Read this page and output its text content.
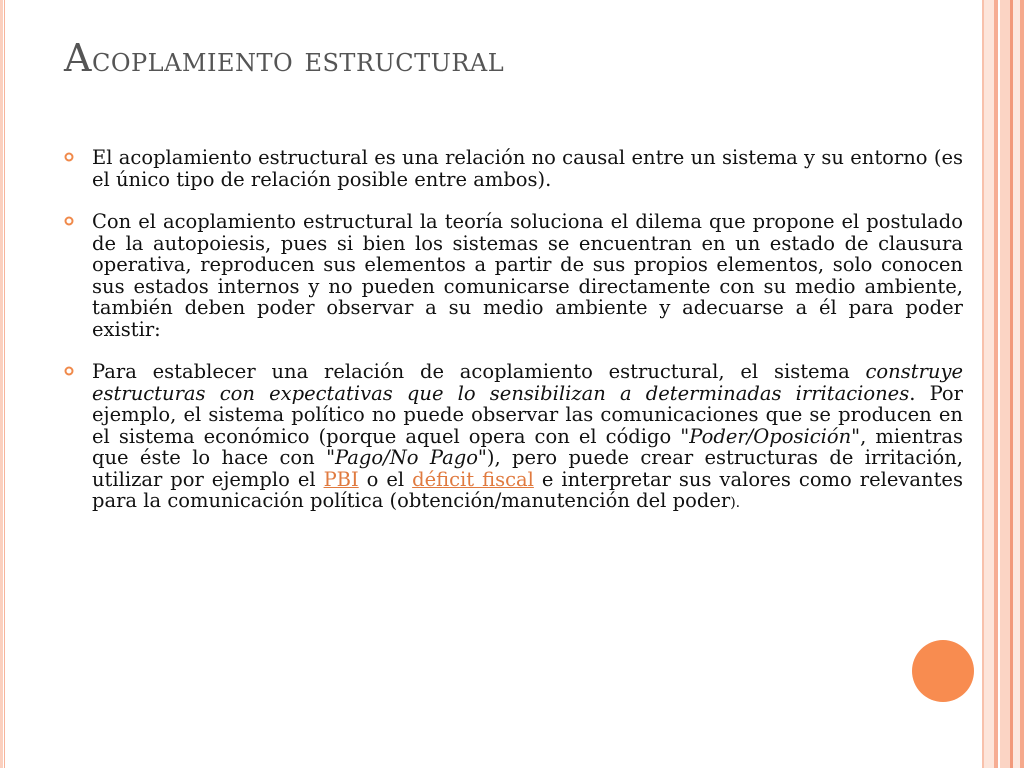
Acoplamiento estructural

El acoplamiento estructural es una relación no causal entre un sistema y su entorno (es el único tipo de relación posible entre ambos).

Con el acoplamiento estructural la teoría soluciona el dilema que propone el postulado de la autopoiesis, pues si bien los sistemas se encuentran en un estado de clausura operativa, reproducen sus elementos a partir de sus propios elementos, solo conocen sus estados internos y no pueden comunicarse directamente con su medio ambiente, también deben poder observar a su medio ambiente y adecuarse a él para poder existir:

Para establecer una relación de acoplamiento estructural, el sistema construye estructuras con expectativas que lo sensibilizan a determinadas irritaciones. Por ejemplo, el sistema político no puede observar las comunicaciones que se producen en el sistema económico (porque aquel opera con el código "Poder/Oposición", mientras que éste lo hace con "Pago/No Pago"), pero puede crear estructuras de irritación, utilizar por ejemplo el PBI o el déficit fiscal e interpretar sus valores como relevantes para la comunicación política (obtención/manutención del poder).
